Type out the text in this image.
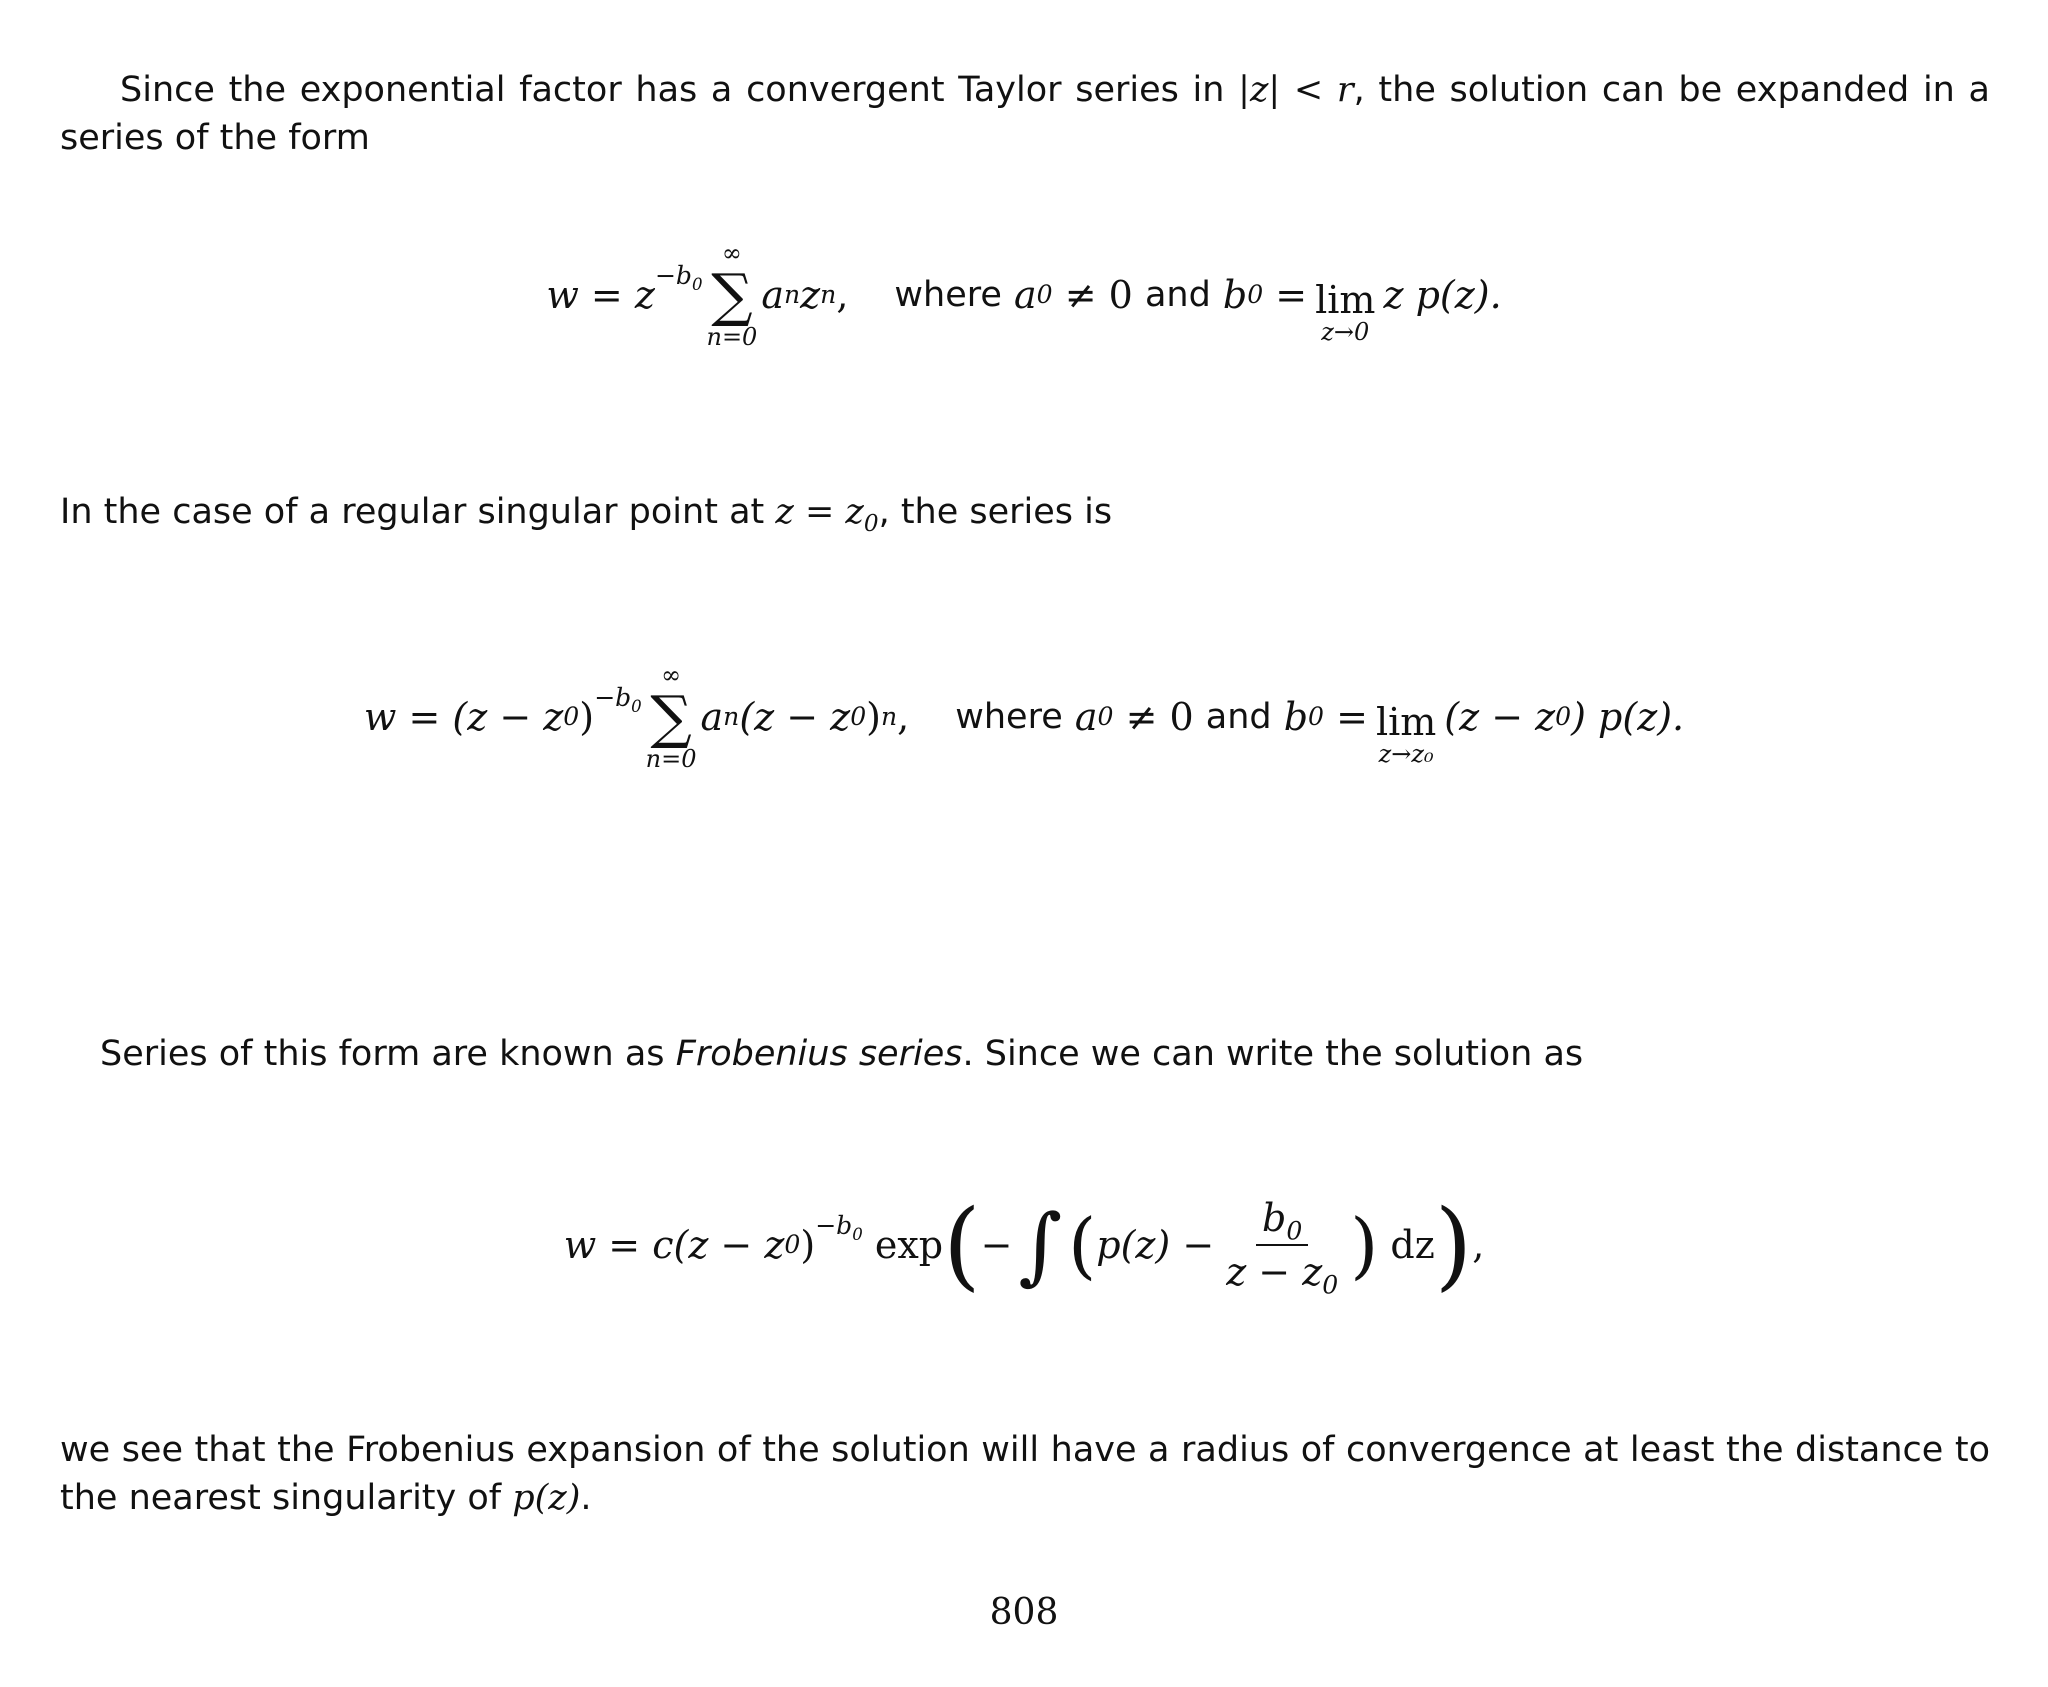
Since the exponential factor has a convergent Taylor series in |z| < r, the solution can be expanded in a series of the form
w = z $^{-b_0}$
∞
∑
n=0
a n z n , where
a 0
≠ 0
and
b 0
= lim
z→0
z p(z).
In the case of a regular singular point at $z = z_0$, the series is
w = (z − z 0 ) $^{-b_0}$
∞
∑
n=0
a n (z − z 0 ) n , where
a 0
≠ 0
and
b 0
= lim
z→z₀
(z − z 0 ) p(z).
Series of this form are known as Frobenius series. Since we can write the solution as
w = c(z − z 0 ) $^{-b_0}$
exp ( − ∫ ( $p(z) - \frac{b_0}{z - z_0}$ )
dz ) ,
we see that the Frobenius expansion of the solution will have a radius of convergence at least the distance to the nearest singularity of p(z).
808
